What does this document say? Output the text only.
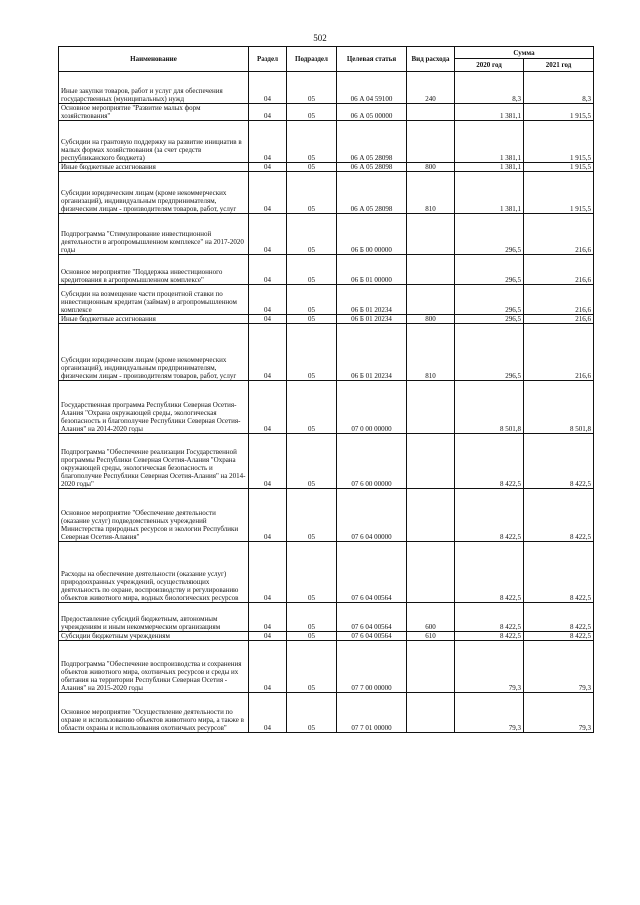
502
Наименование	Раздел	Подраздел	Целевая статья	Вид расхода	Сумма	
					2020 год	2021 год
Иные закупки товаров, работ и услуг для обеспечения государственных (муниципальных) нужд	04	05	06 А 04 59100	240	8,3	8,3
Основное мероприятие "Развитие малых форм хозяйствования"	04	05	06 А 05 00000		1 381,1	1 915,5
Субсидии на грантовую поддержку на развитие инициатив в малых формах хозяйствования (за счет средств республиканского бюджета)	04	05	06 А 05 28098		1 381,1	1 915,5
Иные бюджетные ассигнования	04	05	06 А 05 28098	800	1 381,1	1 915,5
Субсидии юридическим лицам (кроме некоммерческих организаций), индивидуальным предпринимателям, физическим лицам - производителям товаров, работ, услуг	04	05	06 А 05 28098	810	1 381,1	1 915,5
Подпрограмма "Стимулирование инвестиционной деятельности в агропромышленном комплексе" на 2017-2020 годы	04	05	06 Б 00 00000		296,5	216,6
Основное мероприятие "Поддержка инвестиционного кредитования в агропромышленном комплексе"	04	05	06 Б 01 00000		296,5	216,6
Субсидии на возмещение части процентной ставки по инвестиционным кредитам (займам) в агропромышленном комплексе	04	05	06 Б 01 20234		296,5	216,6
Иные бюджетные ассигнования	04	05	06 Б 01 20234	800	296,5	216,6
Субсидии юридическим лицам (кроме некоммерческих организаций), индивидуальным предпринимателям, физическим лицам - производителям товаров, работ, услуг	04	05	06 Б 01 20234	810	296,5	216,6
Государственная программа Республики Северная Осетия-Алания "Охрана окружающей среды, экологическая безопасность и благополучие Республики Северная Осетия-Алания" на 2014-2020 годы	04	05	07 0 00 00000		8 501,8	8 501,8
Подпрограмма "Обеспечение реализации Государственной программы Республики Северная Осетия-Алания "Охрана окружающей среды, экологическая безопасность и благополучие Республики Северная Осетия-Алания" на 2014-2020 годы"	04	05	07 6 00 00000		8 422,5	8 422,5
Основное мероприятие "Обеспечение деятельности (оказание услуг) подведомственных учреждений Министерства природных ресурсов и экологии Республики Северная Осетия-Алания"	04	05	07 6 04 00000		8 422,5	8 422,5
Расходы на обеспечение деятельности (оказание услуг) природоохранных учреждений, осуществляющих деятельность по охране, воспроизводству и регулированию объектов животного мира, водных биологических ресурсов	04	05	07 6 04 00564		8 422,5	8 422,5
Предоставление субсидий бюджетным, автономным учреждениям и иным некоммерческим организациям	04	05	07 6 04 00564	600	8 422,5	8 422,5
Субсидии бюджетным учреждениям	04	05	07 6 04 00564	610	8 422,5	8 422,5
Подпрограмма "Обеспечение воспроизводства и сохранения объектов животного мира, охотничьих ресурсов и среды их обитания на территории Республики Северная Осетия - Алания" на 2015-2020 годы	04	05	07 7 00 00000		79,3	79,3
Основное мероприятие "Осуществление деятельности по охране и использованию объектов животного мира, а также в области охраны и использования охотничьих ресурсов"	04	05	07 7 01 00000		79,3	79,3
